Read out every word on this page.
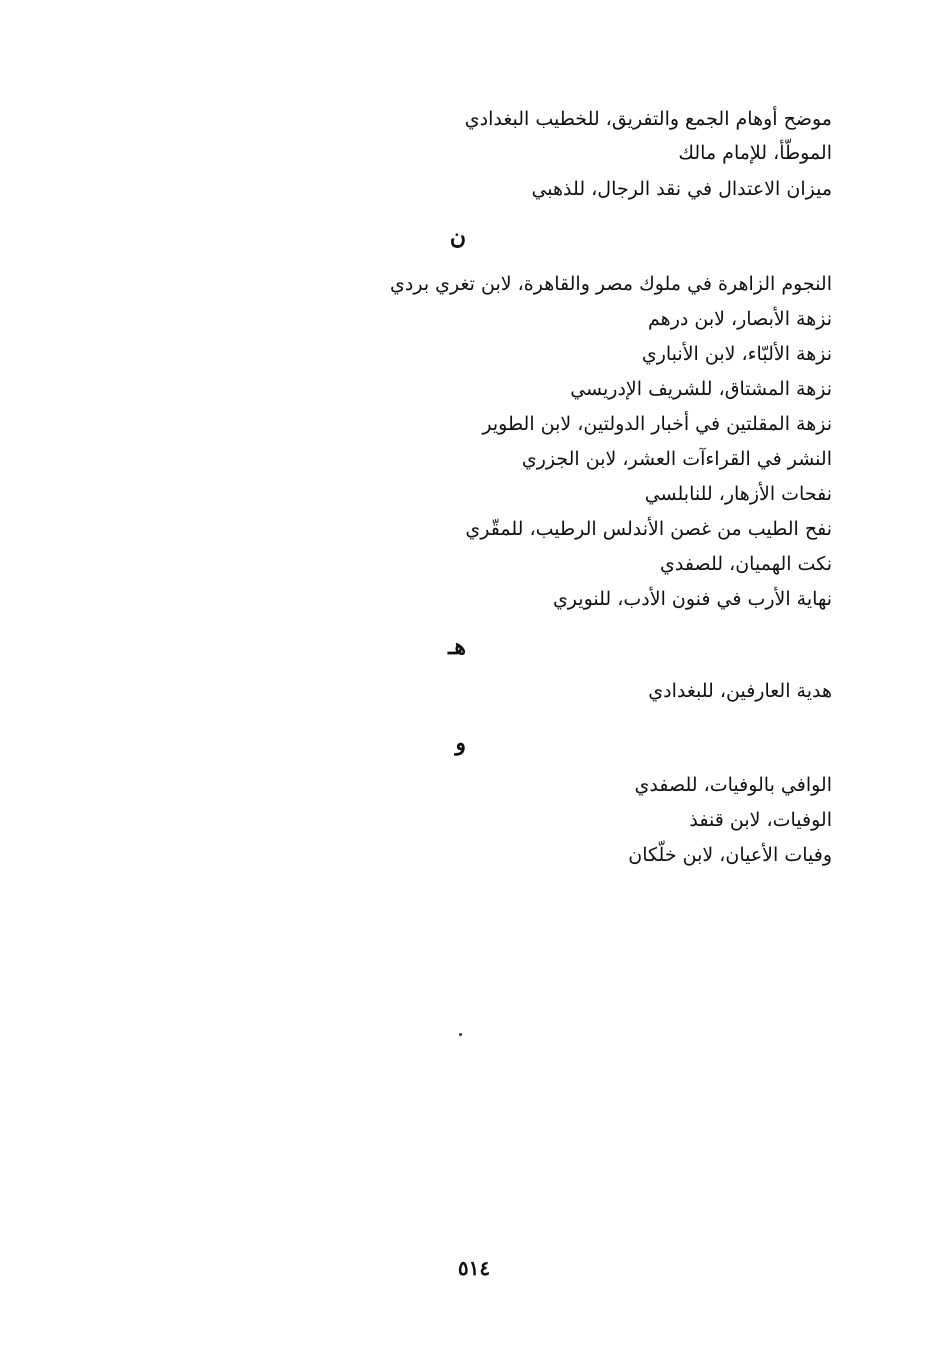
موضح أوهام الجمع والتفريق، للخطيب البغدادي
الموطّأ، للإمام مالك
ميزان الاعتدال في نقد الرجال، للذهبي
ن
النجوم الزاهرة في ملوك مصر والقاهرة، لابن تغري بردي
نزهة الأبصار، لابن درهم
نزهة الألبّاء، لابن الأنباري
نزهة المشتاق، للشريف الإدريسي
نزهة المقلتين في أخبار الدولتين، لابن الطوير
النشر في القراءآت العشر، لابن الجزري
نفحات الأزهار، للنابلسي
نفح الطيب من غصن الأندلس الرطيب، للمقّري
نكت الهميان، للصفدي
نهاية الأرب في فنون الأدب، للنويري
هـ
هدية العارفين، للبغدادي
و
الوافي بالوفيات، للصفدي
الوفيات، لابن قنفذ
وفيات الأعيان، لابن خلّكان
٥١٤
